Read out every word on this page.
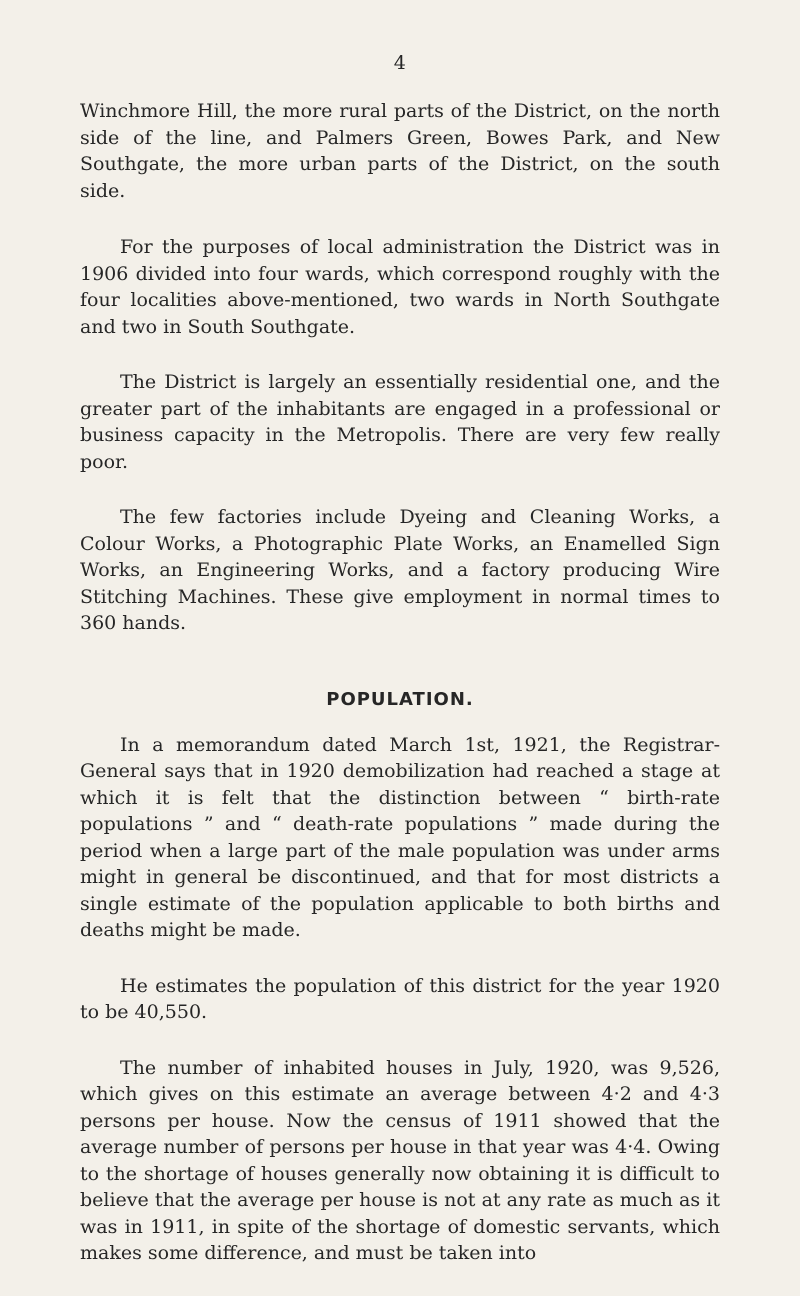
4

Winchmore Hill, the more rural parts of the District, on the north side of the line, and Palmers Green, Bowes Park, and New Southgate, the more urban parts of the District, on the south side.

For the purposes of local administration the District was in 1906 divided into four wards, which correspond roughly with the four localities above-mentioned, two wards in North Southgate and two in South Southgate.

The District is largely an essentially residential one, and the greater part of the inhabitants are engaged in a professional or business capacity in the Metropolis. There are very few really poor.

The few factories include Dyeing and Cleaning Works, a Colour Works, a Photographic Plate Works, an Enamelled Sign Works, an Engineering Works, and a factory producing Wire Stitching Machines. These give employment in normal times to 360 hands.

POPULATION.

In a memorandum dated March 1st, 1921, the Registrar-General says that in 1920 demobilization had reached a stage at which it is felt that the distinction between “ birth-rate populations ” and “ death-rate populations ” made during the period when a large part of the male population was under arms might in general be discontinued, and that for most districts a single estimate of the population applicable to both births and deaths might be made.

He estimates the population of this district for the year 1920 to be 40,550.

The number of inhabited houses in July, 1920, was 9,526, which gives on this estimate an average between 4·2 and 4·3 persons per house. Now the census of 1911 showed that the average number of persons per house in that year was 4·4. Owing to the shortage of houses generally now obtaining it is difficult to believe that the average per house is not at any rate as much as it was in 1911, in spite of the shortage of domestic servants, which makes some difference, and must be taken into
